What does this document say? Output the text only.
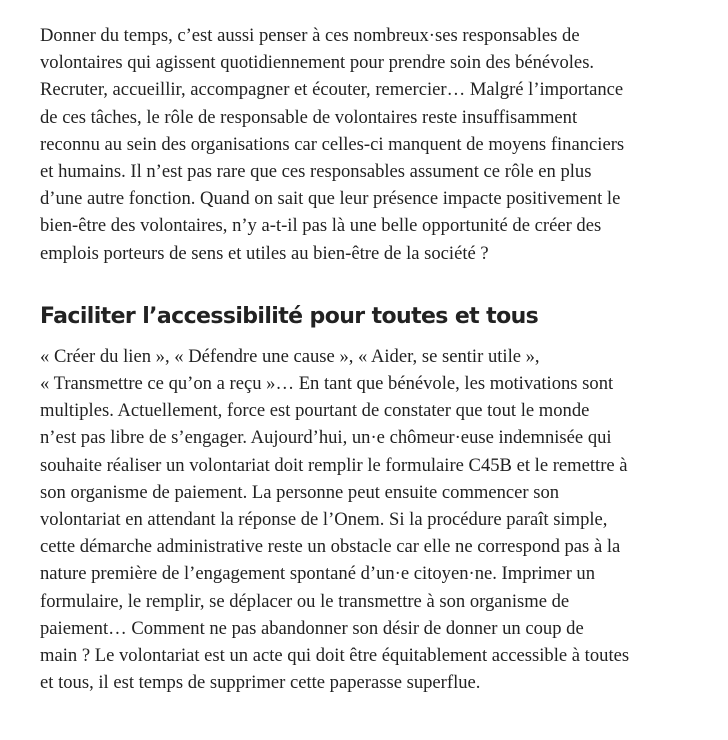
Donner du temps, c’est aussi penser à ces nombreux·ses responsables de
volontaires qui agissent quotidiennement pour prendre soin des bénévoles.
Recruter, accueillir, accompagner et écouter, remercier… Malgré l’importance
de ces tâches, le rôle de responsable de volontaires reste insuffisamment
reconnu au sein des organisations car celles-ci manquent de moyens financiers
et humains. Il n’est pas rare que ces responsables assument ce rôle en plus
d’une autre fonction. Quand on sait que leur présence impacte positivement le
bien-être des volontaires, n’y a-t-il pas là une belle opportunité de créer des
emplois porteurs de sens et utiles au bien-être de la société ?

Faciliter l’accessibilité pour toutes et tous

« Créer du lien », « Défendre une cause », « Aider, se sentir utile »,
« Transmettre ce qu’on a reçu »… En tant que bénévole, les motivations sont
multiples. Actuellement, force est pourtant de constater que tout le monde
n’est pas libre de s’engager. Aujourd’hui, un·e chômeur·euse indemnisée qui
souhaite réaliser un volontariat doit remplir le formulaire C45B et le remettre à
son organisme de paiement. La personne peut ensuite commencer son
volontariat en attendant la réponse de l’Onem. Si la procédure paraît simple,
cette démarche administrative reste un obstacle car elle ne correspond pas à la
nature première de l’engagement spontané d’un·e citoyen·ne. Imprimer un
formulaire, le remplir, se déplacer ou le transmettre à son organisme de
paiement… Comment ne pas abandonner son désir de donner un coup de
main ? Le volontariat est un acte qui doit être équitablement accessible à toutes
et tous, il est temps de supprimer cette paperasse superflue.
